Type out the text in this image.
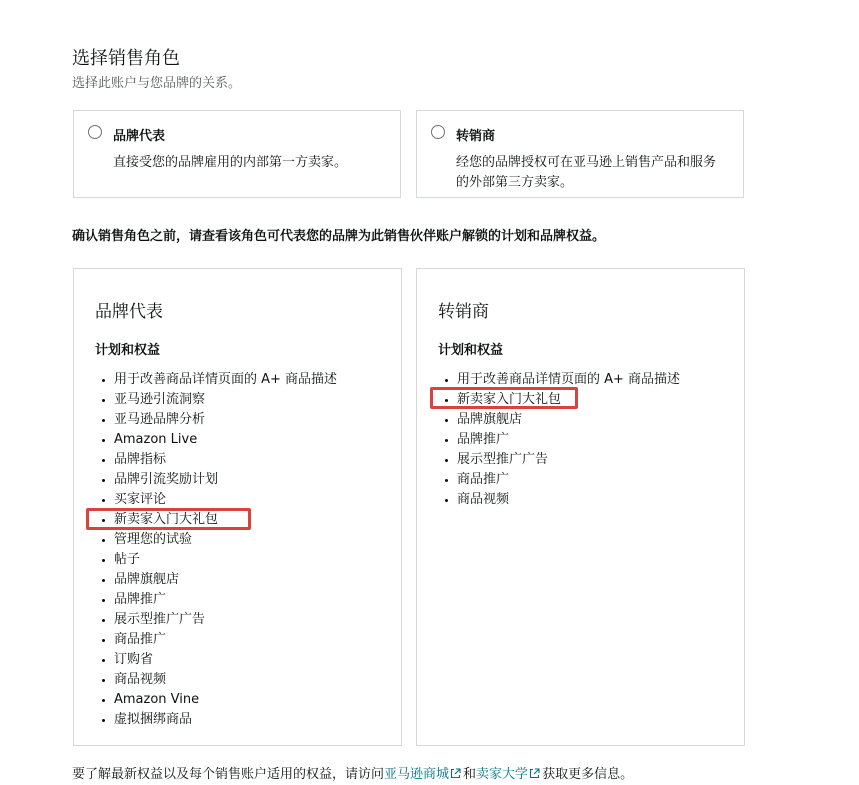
选择销售角色
选择此账户与您品牌的关系。
品牌代表
直接受您的品牌雇用的内部第一方卖家。
转销商
经您的品牌授权可在亚马逊上销售产品和服务的外部第三方卖家。
确认销售角色之前，请查看该角色可代表您的品牌为此销售伙伴账户解锁的计划和品牌权益。
品牌代表
计划和权益
• 用于改善商品详情页面的 A+ 商品描述
• 亚马逊引流洞察
• 亚马逊品牌分析
• Amazon Live
• 品牌指标
• 品牌引流奖励计划
• 买家评论
• 新卖家入门大礼包
• 管理您的试验
• 帖子
• 品牌旗舰店
• 品牌推广
• 展示型推广广告
• 商品推广
• 订购省
• 商品视频
• Amazon Vine
• 虚拟捆绑商品
转销商
计划和权益
• 用于改善商品详情页面的 A+ 商品描述
• 新卖家入门大礼包
• 品牌旗舰店
• 品牌推广
• 展示型推广广告
• 商品推广
• 商品视频
要了解最新权益以及每个销售账户适用的权益，请访问亚马逊商城 和卖家大学 获取更多信息。
